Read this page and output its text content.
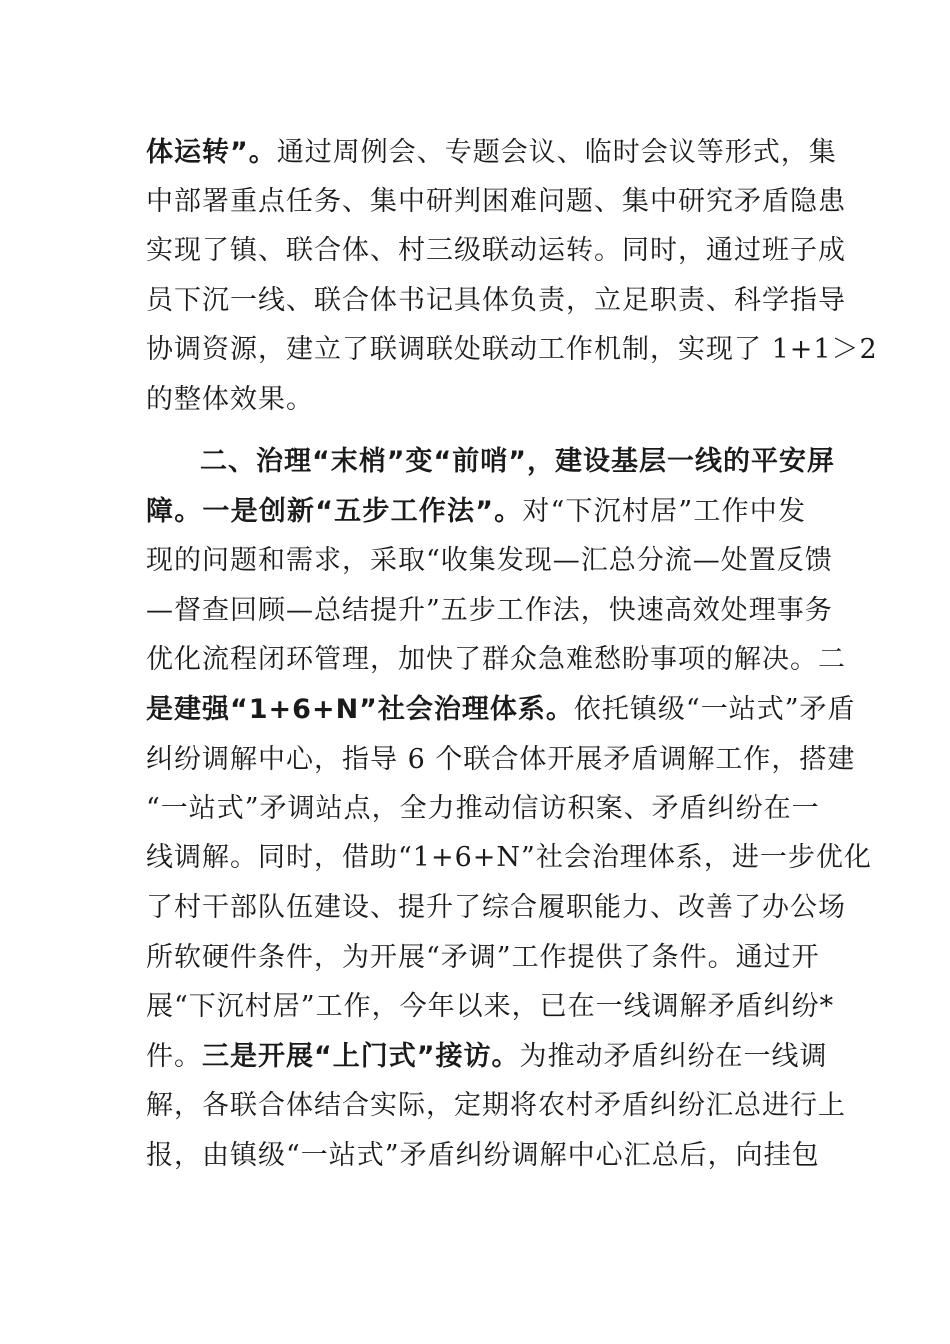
体运转”。通过周例会、专题会议、临时会议等形式，集
中部署重点任务、集中研判困难问题、集中研究矛盾隐患
实现了镇、联合体、村三级联动运转。同时，通过班子成
员下沉一线、联合体书记具体负责，立足职责、科学指导
协调资源，建立了联调联处联动工作机制，实现了 1+1＞2
的整体效果。
二、治理“末梢”变“前哨”，建设基层一线的平安屏
障。一是创新“五步工作法”。对“下沉村居”工作中发
现的问题和需求，采取“收集发现—汇总分流—处置反馈
—督查回顾—总结提升”五步工作法，快速高效处理事务
优化流程闭环管理，加快了群众急难愁盼事项的解决。二
是建强“1+6+N”社会治理体系。依托镇级“一站式”矛盾
纠纷调解中心，指导 6 个联合体开展矛盾调解工作，搭建
“一站式”矛调站点，全力推动信访积案、矛盾纠纷在一
线调解。同时，借助“1+6+N”社会治理体系，进一步优化
了村干部队伍建设、提升了综合履职能力、改善了办公场
所软硬件条件，为开展“矛调”工作提供了条件。通过开
展“下沉村居”工作，今年以来，已在一线调解矛盾纠纷*
件。三是开展“上门式”接访。为推动矛盾纠纷在一线调
解，各联合体结合实际，定期将农村矛盾纠纷汇总进行上
报，由镇级“一站式”矛盾纠纷调解中心汇总后，向挂包
